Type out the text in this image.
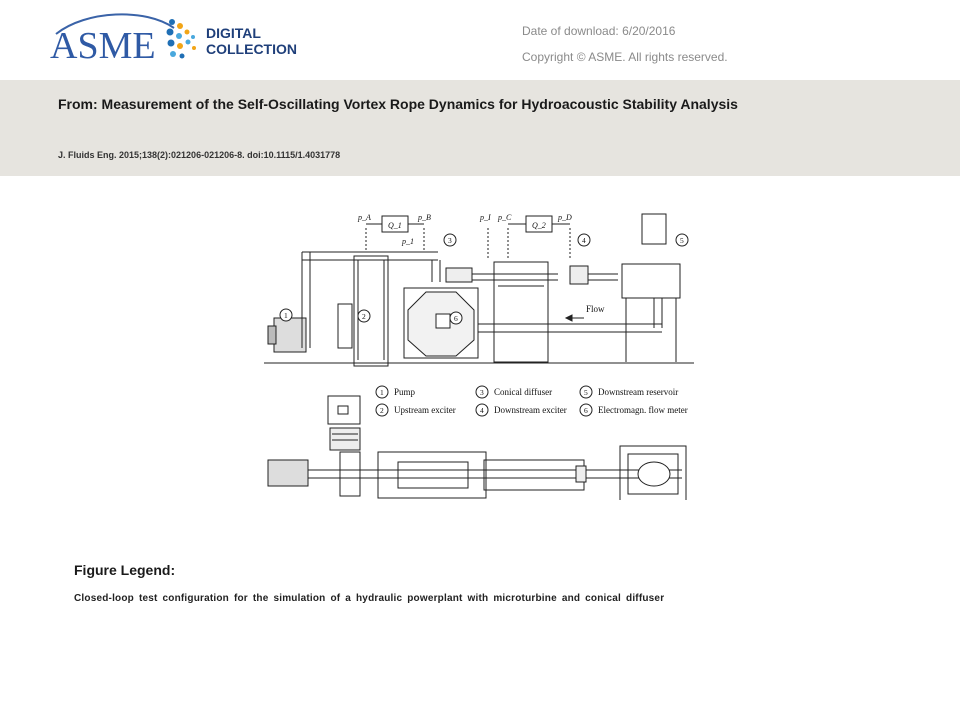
ASME	DIGITAL
COLLECTION
Date of download: 6/20/2016
Copyright © ASME. All rights reserved.
From: Measurement of the Self-Oscillating Vortex Rope Dynamics for Hydroacoustic Stability Analysis
J. Fluids Eng. 2015;138(2):021206-021206-8. doi:10.1115/1.4031778
p_A
Q_1
p_B
p_1
p_I p_C
Q_2
p_D
Flow
1	2
3	4	5
6
1 Pump
2 Upstream exciter
3 Conical diffuser
4 Downstream exciter
5 Downstream reservoir
6 Electromagn. flow meter
Figure Legend:
Closed-loop test configuration for the simulation of a hydraulic powerplant with microturbine and conical diffuser
